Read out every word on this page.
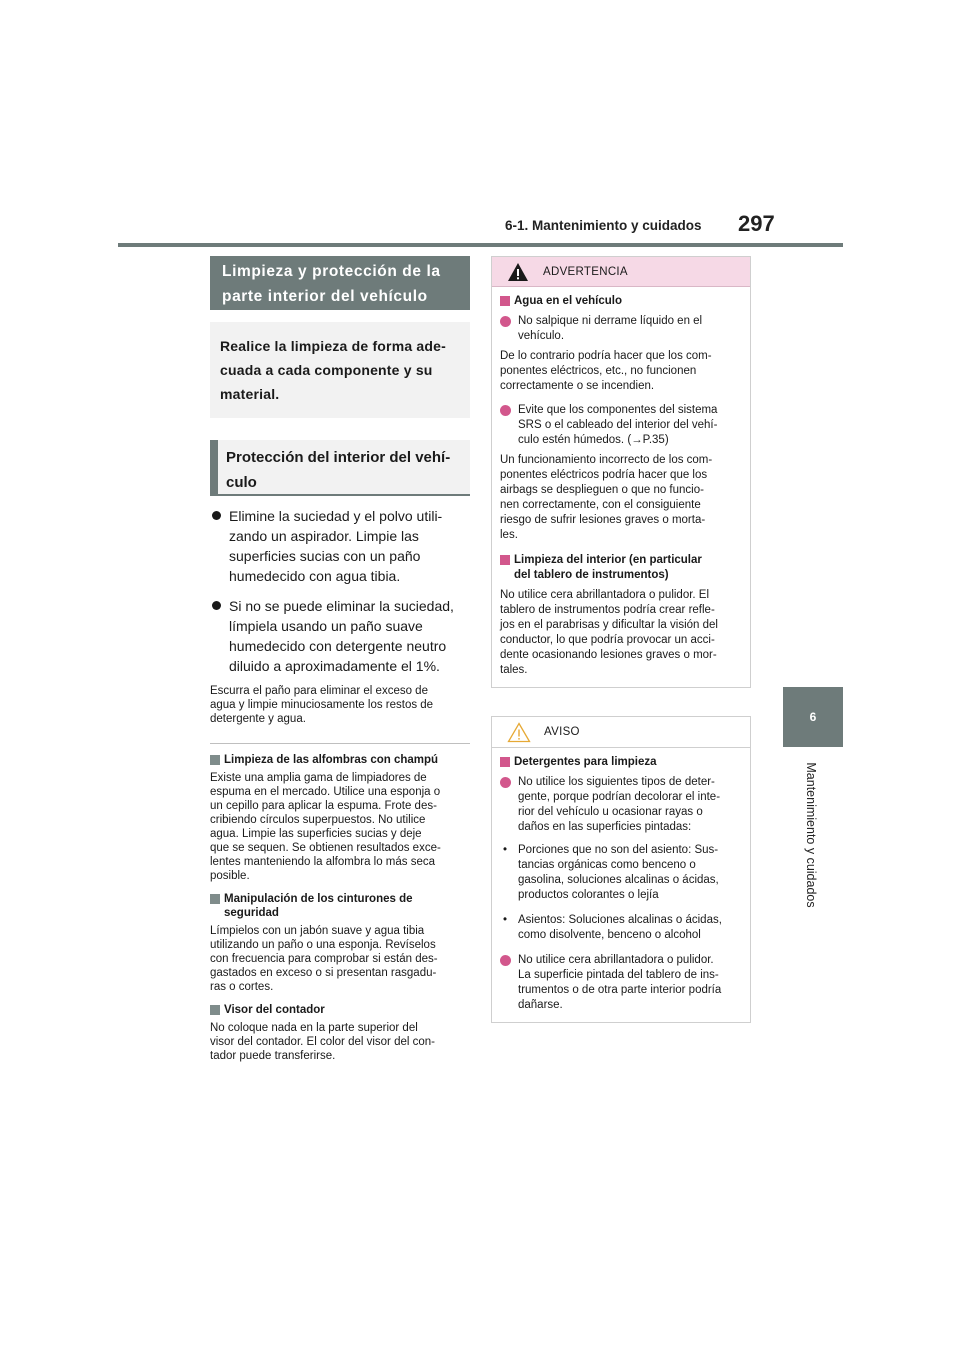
6-1. Mantenimiento y cuidados 297
6
Mantenimiento y cuidados
Limpieza y protección de la
parte interior del vehículo
Realice la limpieza de forma ade-
cuada a cada componente y su
material.
Protección del interior del vehí-
culo
Elimine la suciedad y el polvo utili-
zando un aspirador. Limpie las
superficies sucias con un paño
humedecido con agua tibia.
Si no se puede eliminar la suciedad,
límpiela usando un paño suave
humedecido con detergente neutro
diluido a aproximadamente el 1%.
Escurra el paño para eliminar el exceso de
agua y limpie minuciosamente los restos de
detergente y agua.
Limpieza de las alfombras con champú
Existe una amplia gama de limpiadores de
espuma en el mercado. Utilice una esponja o
un cepillo para aplicar la espuma. Frote des-
cribiendo círculos superpuestos. No utilice
agua. Limpie las superficies sucias y deje
que se sequen. Se obtienen resultados exce-
lentes manteniendo la alfombra lo más seca
posible.
Manipulación de los cinturones de
seguridad
Límpielos con un jabón suave y agua tibia
utilizando un paño o una esponja. Revíselos
con frecuencia para comprobar si están des-
gastados en exceso o si presentan rasgadu-
ras o cortes.
Visor del contador
No coloque nada en la parte superior del
visor del contador. El color del visor del con-
tador puede transferirse.
ADVERTENCIA
Agua en el vehículo
No salpique ni derrame líquido en el
vehículo.
De lo contrario podría hacer que los com-
ponentes eléctricos, etc., no funcionen
correctamente o se incendien.
Evite que los componentes del sistema
SRS o el cableado del interior del vehí-
culo estén húmedos. (→P.35)
Un funcionamiento incorrecto de los com-
ponentes eléctricos podría hacer que los
airbags se desplieguen o que no funcio-
nen correctamente, con el consiguiente
riesgo de sufrir lesiones graves o morta-
les.
Limpieza del interior (en particular
del tablero de instrumentos)
No utilice cera abrillantadora o pulidor. El
tablero de instrumentos podría crear refle-
jos en el parabrisas y dificultar la visión del
conductor, lo que podría provocar un acci-
dente ocasionando lesiones graves o mor-
tales.
AVISO
Detergentes para limpieza
No utilice los siguientes tipos de deter-
gente, porque podrían decolorar el inte-
rior del vehículo u ocasionar rayas o
daños en las superficies pintadas:
• Porciones que no son del asiento: Sus-
tancias orgánicas como benceno o
gasolina, soluciones alcalinas o ácidas,
productos colorantes o lejía
• Asientos: Soluciones alcalinas o ácidas,
como disolvente, benceno o alcohol
No utilice cera abrillantadora o pulidor.
La superficie pintada del tablero de ins-
trumentos o de otra parte interior podría
dañarse.
